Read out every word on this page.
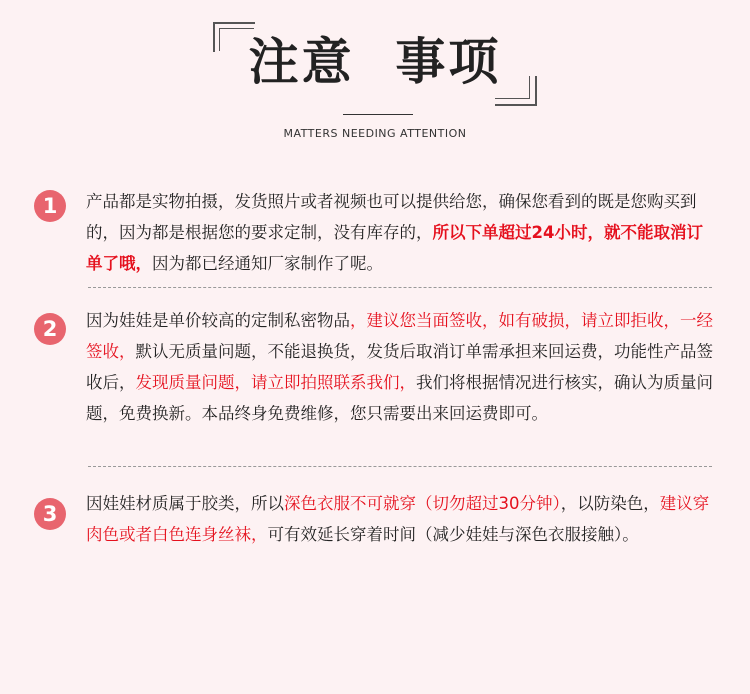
注意  事项
MATTERS NEEDING ATTENTION
1	产品都是实物拍摄，发货照片或者视频也可以提供给您，确保您看到的既是您购买到的，因为都是根据您的要求定制，没有库存的，所以下单超过24小时，就不能取消订单了哦，因为都已经通知厂家制作了呢。
2	因为娃娃是单价较高的定制私密物品，建议您当面签收，如有破损，请立即拒收，一经签收，默认无质量问题，不能退换货，发货后取消订单需承担来回运费，功能性产品签收后，发现质量问题，请立即拍照联系我们，我们将根据情况进行核实，确认为质量问题，免费换新。本品终身免费维修，您只需要出来回运费即可。
3	因娃娃材质属于胶类，所以深色衣服不可就穿（切勿超过30分钟），以防染色，建议穿肉色或者白色连身丝袜，可有效延长穿着时间（减少娃娃与深色衣服接触）。
